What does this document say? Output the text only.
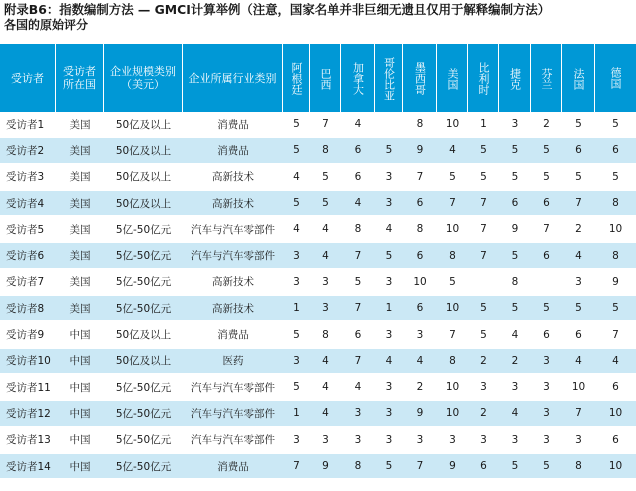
附录B6：指数编制方法 — GMCI计算举例（注意，国家名单并非巨细无遗且仅用于解释编制方法）
各国的原始评分
受访者	受访者所在国	企业规模类别（美元）	企业所属行业类别	阿根廷	巴西	加拿大	哥伦比亚	墨西哥	美国	比利时	捷克	芬兰	法国	德国
受访者1	美国	50亿及以上	消费品	5	7	4		8	10	1	3	2	5	5
受访者2	美国	50亿及以上	消费品	5	8	6	5	9	4	5	5	5	6	6
受访者3	美国	50亿及以上	高新技术	4	5	6	3	7	5	5	5	5	5	5
受访者4	美国	50亿及以上	高新技术	5	5	4	3	6	7	7	6	6	7	8
受访者5	美国	5亿-50亿元	汽车与汽车零部件	4	4	8	4	8	10	7	9	7	2	10
受访者6	美国	5亿-50亿元	汽车与汽车零部件	3	4	7	5	6	8	7	5	6	4	8
受访者7	美国	5亿-50亿元	高新技术	3	3	5	3	10	5		8		3	9
受访者8	美国	5亿-50亿元	高新技术	1	3	7	1	6	10	5	5	5	5	5
受访者9	中国	50亿及以上	消费品	5	8	6	3	3	7	5	4	6	6	7
受访者10	中国	50亿及以上	医药	3	4	7	4	4	8	2	2	3	4	4
受访者11	中国	5亿-50亿元	汽车与汽车零部件	5	4	4	3	2	10	3	3	3	10	6
受访者12	中国	5亿-50亿元	汽车与汽车零部件	1	4	3	3	9	10	2	4	3	7	10
受访者13	中国	5亿-50亿元	汽车与汽车零部件	3	3	3	3	3	3	3	3	3	3	6
受访者14	中国	5亿-50亿元	消费品	7	9	8	5	7	9	6	5	5	8	10
